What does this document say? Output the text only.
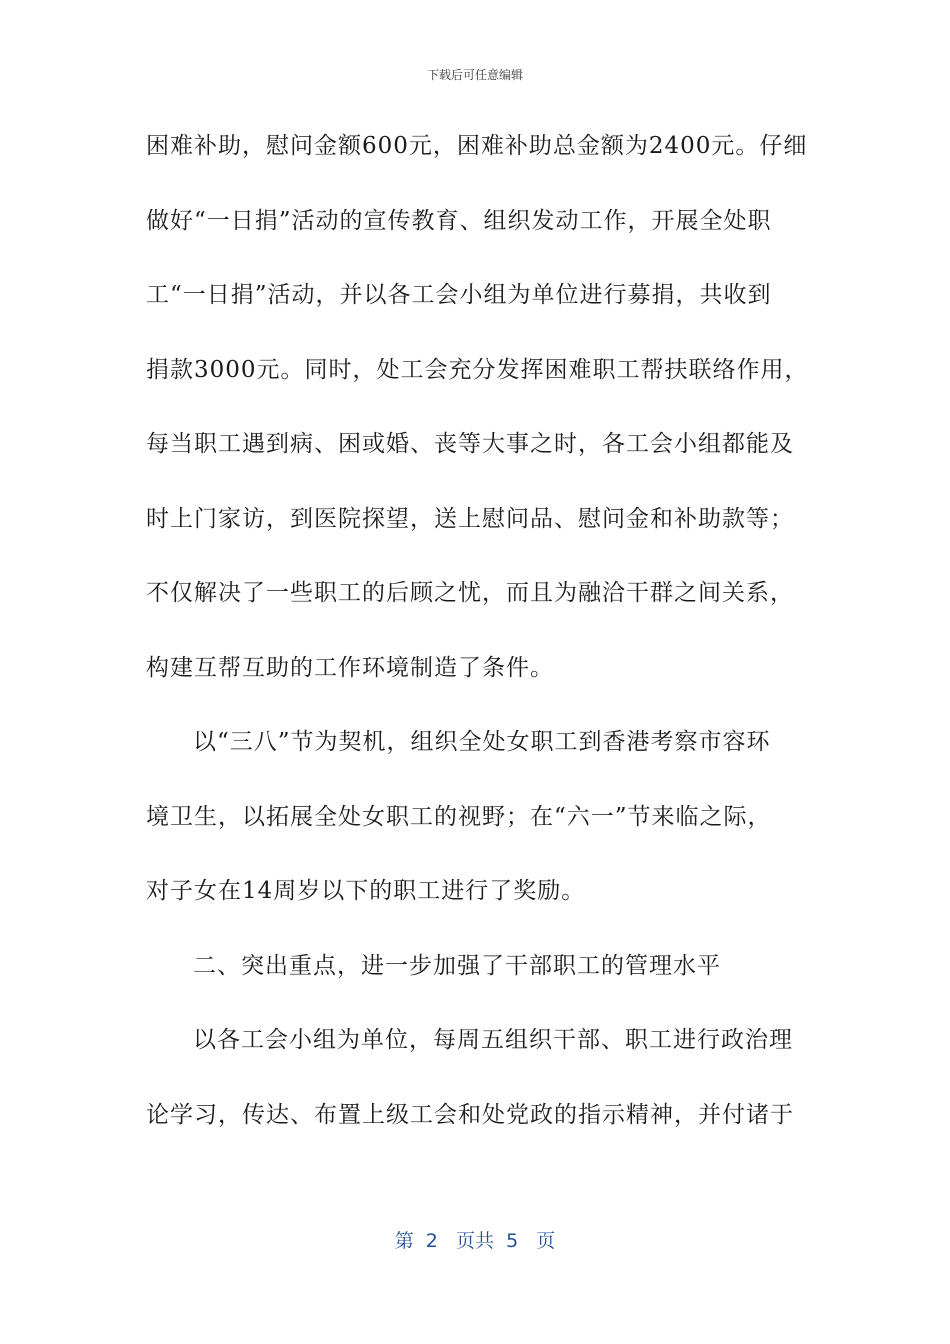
下载后可任意编辑
困难补助，慰问金额600元，困难补助总金额为2400元。仔细
做好“一日捐”活动的宣传教育、组织发动工作，开展全处职
工“一日捐”活动，并以各工会小组为单位进行募捐，共收到
捐款3000元。同时，处工会充分发挥困难职工帮扶联络作用，
每当职工遇到病、困或婚、丧等大事之时，各工会小组都能及
时上门家访，到医院探望，送上慰问品、慰问金和补助款等；
不仅解决了一些职工的后顾之忧，而且为融洽干群之间关系，
构建互帮互助的工作环境制造了条件。
以“三八”节为契机，组织全处女职工到香港考察市容环
境卫生，以拓展全处女职工的视野；在“六一”节来临之际，
对子女在14周岁以下的职工进行了奖励。
二、突出重点，进一步加强了干部职工的管理水平
以各工会小组为单位，每周五组织干部、职工进行政治理
论学习，传达、布置上级工会和处党政的指示精神，并付诸于
第  2   页共  5   页
